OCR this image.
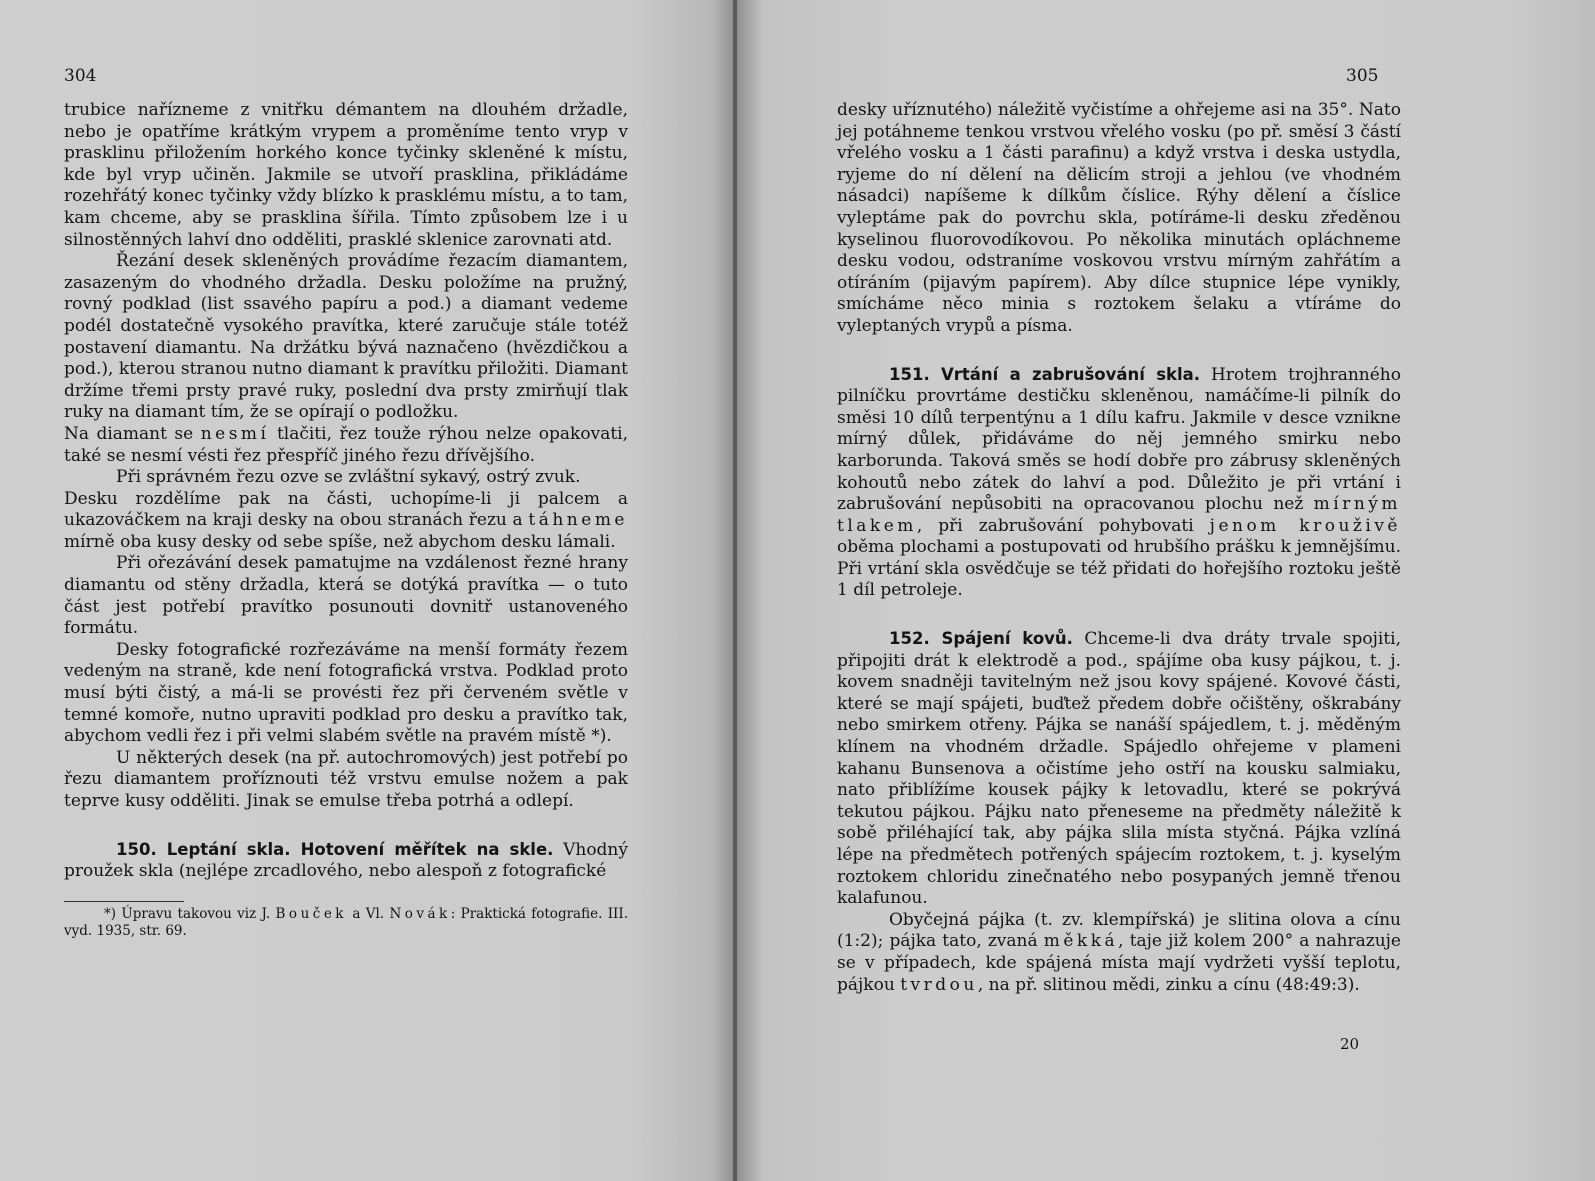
304

trubice nařízneme z vnitřku démantem na dlouhém držadle, nebo je opatříme krátkým vrypem a proměníme tento vryp v prasklinu přiložením horkého konce tyčinky skleněné k místu, kde byl vryp učiněn. Jakmile se utvoří prasklina, přikládáme rozehřátý konec tyčinky vždy blízko k prasklému místu, a to tam, kam chceme, aby se prasklina šířila. Tímto způsobem lze i u silnostěnných lahví dno odděliti, prasklé sklenice zarovnati atd.

Řezání desek skleněných provádíme řezacím diamantem, zasazeným do vhodného držadla. Desku položíme na pružný, rovný podklad (list ssavého papíru a pod.) a diamant vedeme podél dostatečně vysokého pravítka, které zaručuje stále totéž postavení diamantu. Na držátku bývá naznačeno (hvězdičkou a pod.), kterou stranou nutno diamant k pravítku přiložiti. Diamant držíme třemi prsty pravé ruky, poslední dva prsty zmirňují tlak ruky na diamant tím, že se opírají o podložku.

Na diamant se nesmí tlačiti, řez touže rýhou nelze opakovati, také se nesmí vésti řez přespříč jiného řezu dřívějšího.

Při správném řezu ozve se zvláštní sykavý, ostrý zvuk.

Desku rozdělíme pak na části, uchopíme-li ji palcem a ukazováčkem na kraji desky na obou stranách řezu a táhneme mírně oba kusy desky od sebe spíše, než abychom desku lámali.

Při ořezávání desek pamatujme na vzdálenost řezné hrany diamantu od stěny držadla, která se dotýká pravítka — o tuto část jest potřebí pravítko posunouti dovnitř ustanoveného formátu.

Desky fotografické rozřezáváme na menší formáty řezem vedeným na straně, kde není fotografická vrstva. Podklad proto musí býti čistý, a má-li se provésti řez při červeném světle v temné komoře, nutno upraviti podklad pro desku a pravítko tak, abychom vedli řez i při velmi slabém světle na pravém místě *).

U některých desek (na př. autochromových) jest potřebí po řezu diamantem proříznouti též vrstvu emulse nožem a pak teprve kusy odděliti. Jinak se emulse třeba potrhá a odlepí.

150. Leptání skla. Hotovení měřítek na skle. Vhodný proužek skla (nejlépe zrcadlového, nebo alespoň z fotografické

*) Úpravu takovou viz J. Bouček a Vl. Novák: Praktická fotografie. III. vyd. 1935, str. 69.

305

desky uříznutého) náležitě vyčistíme a ohřejeme asi na 35°. Nato jej potáhneme tenkou vrstvou vřelého vosku (po př. směsí 3 částí vřelého vosku a 1 části parafinu) a když vrstva i deska ustydla, ryjeme do ní dělení na dělicím stroji a jehlou (ve vhodném násadci) napíšeme k dílkům číslice. Rýhy dělení a číslice vyleptáme pak do povrchu skla, potíráme-li desku zředěnou kyselinou fluorovodíkovou. Po několika minutách opláchneme desku vodou, odstraníme voskovou vrstvu mírným zahřátím a otíráním (pijavým papírem). Aby dílce stupnice lépe vynikly, smícháme něco minia s roztokem šelaku a vtíráme do vyleptaných vrypů a písma.

151. Vrtání a zabrušování skla. Hrotem trojhranného pilníčku provrtáme destičku skleněnou, namáčíme-li pilník do směsi 10 dílů terpentýnu a 1 dílu kafru. Jakmile v desce vznikne mírný důlek, přidáváme do něj jemného smirku nebo karborunda. Taková směs se hodí dobře pro zábrusy skleněných kohoutů nebo zátek do lahví a pod. Důležito je při vrtání i zabrušování nepůsobiti na opracovanou plochu než mírným tlakem, při zabrušování pohybovati jenom krouživě oběma plochami a postupovati od hrubšího prášku k jemnějšímu. Při vrtání skla osvědčuje se též přidati do hořejšího roztoku ještě 1 díl petroleje.

152. Spájení kovů. Chceme-li dva dráty trvale spojiti, připojiti drát k elektrodě a pod., spájíme oba kusy pájkou, t. j. kovem snadněji tavitelným než jsou kovy spájené. Kovové části, které se mají spájeti, buďtež předem dobře očištěny, oškrabány nebo smirkem otřeny. Pájka se nanáší spájedlem, t. j. měděným klínem na vhodném držadle. Spájedlo ohřejeme v plameni kahanu Bunsenova a očistíme jeho ostří na kousku salmiaku, nato přiblížíme kousek pájky k letovadlu, které se pokrývá tekutou pájkou. Pájku nato přeneseme na předměty náležitě k sobě přiléhající tak, aby pájka slila místa styčná. Pájka vzlíná lépe na předmětech potřených spájecím roztokem, t. j. kyselým roztokem chloridu zinečnatého nebo posypaných jemně třenou kalafunou.

Obyčejná pájka (t. zv. klempířská) je slitina olova a cínu (1:2); pájka tato, zvaná měkká, taje již kolem 200° a nahrazuje se v případech, kde spájená místa mají vydržeti vyšší teplotu, pájkou tvrdou, na př. slitinou mědi, zinku a cínu (48:49:3).

20
